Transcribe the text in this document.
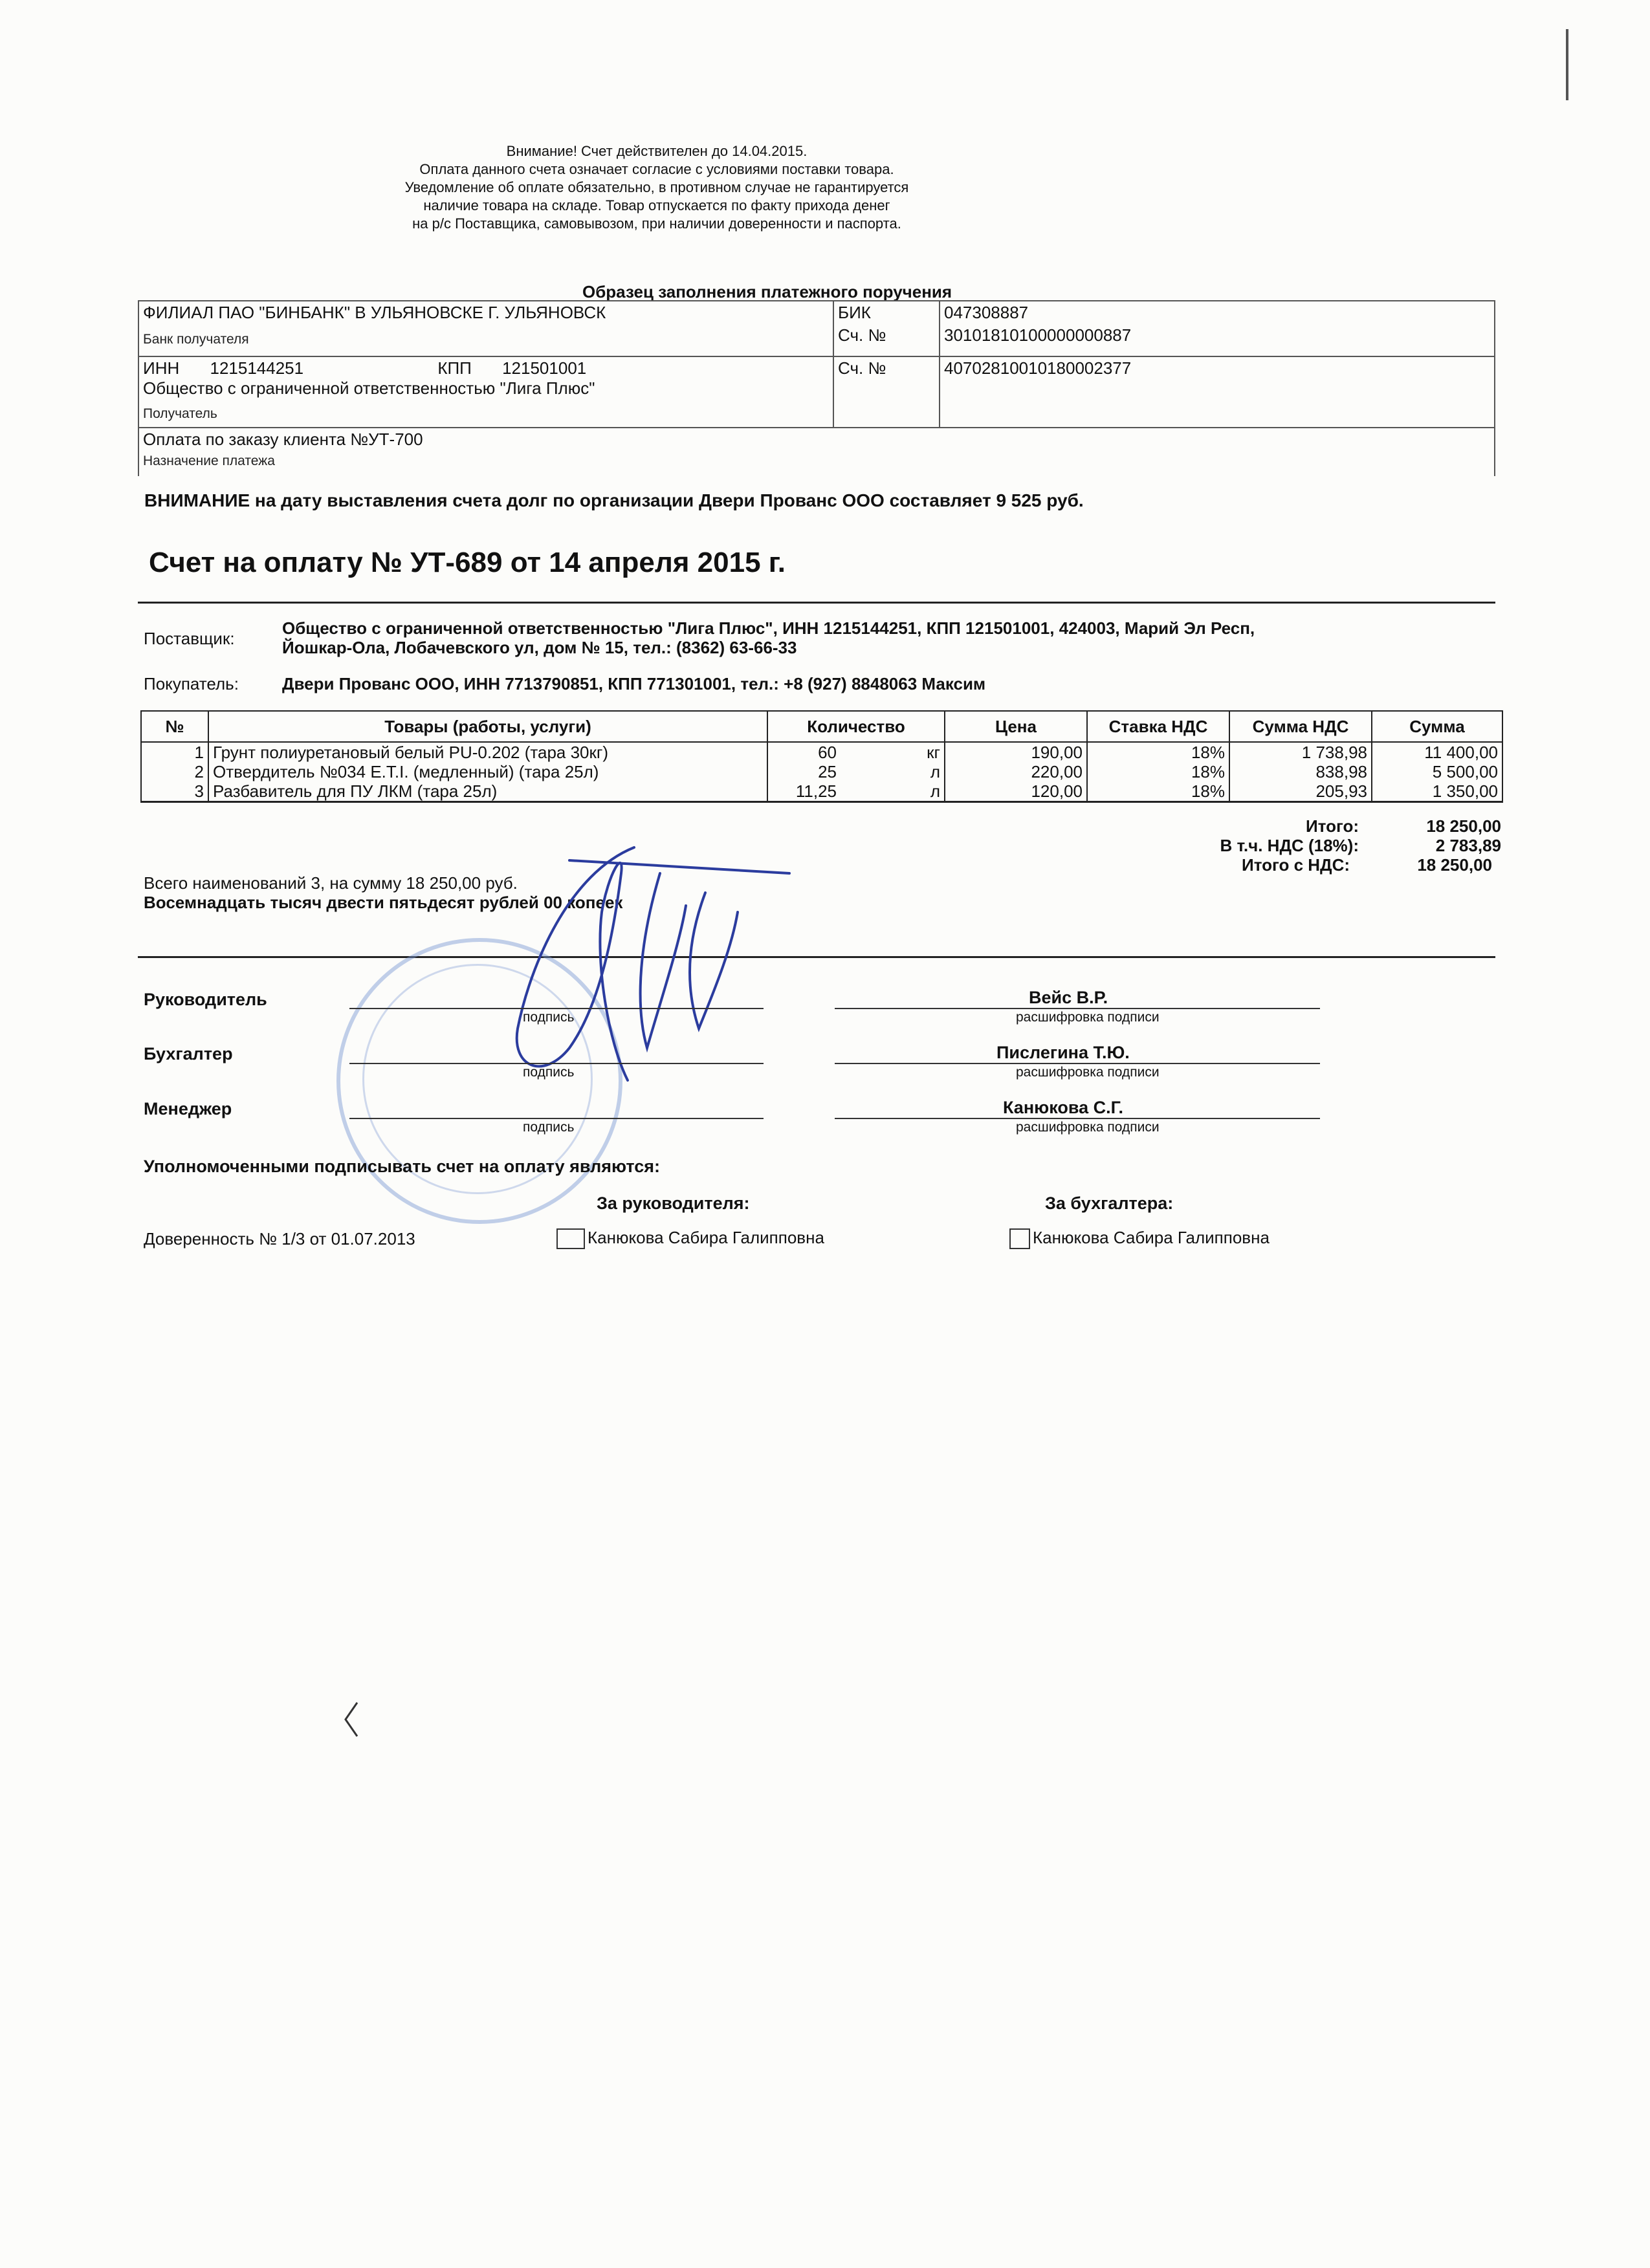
Внимание! Счет действителен до 14.04.2015.
Оплата данного счета означает согласие с условиями поставки товара.
Уведомление об оплате обязательно, в противном случае не гарантируется
наличие товара на складе. Товар отпускается по факту прихода денег
на р/с Поставщика, самовывозом, при наличии доверенности и паспорта.
Образец заполнения платежного поручения
ФИЛИАЛ ПАО "БИНБАНК" В УЛЬЯНОВСКЕ Г. УЛЬЯНОВСК
Банк получателя	БИК	047308887
	Сч. №	30101810100000000887

ИНН 1215144251 КПП 121501001
Общество с ограниченной ответственностью "Лига Плюс"
Получатель	Сч. №	40702810010180002377

Оплата по заказу клиента №УТ-700
Назначение платежа		
ВНИМАНИЕ на дату выставления счета долг по организации Двери Прованс ООО составляет 9 525 руб.
Счет на оплату № УТ-689 от 14 апреля 2015 г.
Поставщик:
Общество с ограниченной ответственностью "Лига Плюс", ИНН 1215144251, КПП 121501001, 424003, Марий Эл Респ,
Йошкар-Ола, Лобачевского ул, дом № 15, тел.: (8362) 63-66-33
Покупатель:	Двери Прованс ООО, ИНН 7713790851, КПП 771301001, тел.: +8 (927) 8848063 Максим
№	Товары (работы, услуги)	Количество	Цена	Ставка НДС	Сумма НДС	Сумма
1	Грунт полиуретановый белый PU-0.202 (тара 30кг)	60 кг	190,00	18%	1 738,98	11 400,00
2	Отвердитель №034 E.T.I. (медленный) (тара 25л)	25 л	220,00	18%	838,98	5 500,00
3	Разбавитель для ПУ ЛКМ (тара 25л)	11,25 л	120,00	18%	205,93	1 350,00
Итого:	18 250,00
В т.ч. НДС (18%):	2 783,89
Итого с НДС:	18 250,00
Всего наименований 3, на сумму 18 250,00 руб.
Восемнадцать тысяч двести пятьдесят рублей 00 копеек
Руководитель
подпись
Вейс В.Р.
расшифровка подписи
Бухгалтер
подпись
Пислегина Т.Ю.
расшифровка подписи
Менеджер
подпись
Канюкова С.Г.
расшифровка подписи
Уполномоченными подписывать счет на оплату являются:
За руководителя:	За бухгалтера:
Доверенность № 1/3 от 01.07.2013	Канюкова Сабира Галипповна	Канюкова Сабира Галипповна
